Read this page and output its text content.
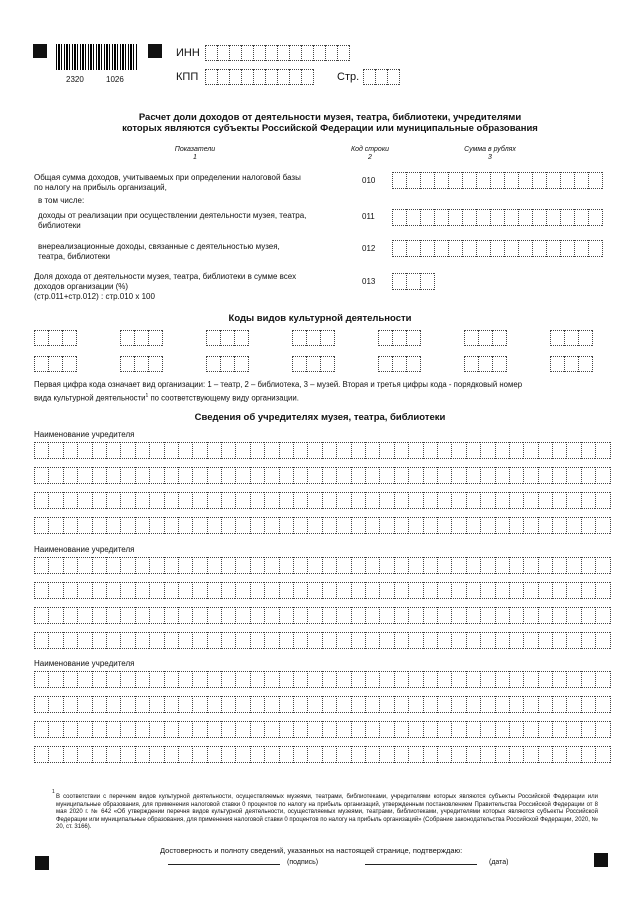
2320	1026
ИНН
КПП	Стр.
Расчет доли доходов от деятельности музея, театра, библиотеки, учредителями
которых являются субъекты Российской Федерации или муниципальные образования
Показатели
1
Код строки
2
Сумма в рублях
3
Общая сумма доходов, учитываемых при определении налоговой базы
по налогу на прибыль организаций,
010
в том числе:
доходы от реализации при осуществлении деятельности музея, театра,
библиотеки
011
внереализационные доходы, связанные с деятельностью музея,
театра, библиотеки
012
Доля дохода от деятельности музея, театра, библиотеки в сумме всех
доходов организации (%)
(стр.011+стр.012) : стр.010 х 100
013
Коды видов культурной деятельности
Первая цифра кода означает вид организации: 1 – театр, 2 – библиотека, 3 – музей. Вторая и третья цифры кода - порядковый номер
вида культурной деятельности$^1$ по соответствующему виду организации.
Сведения об учредителях музея, театра, библиотеки
Наименование учредителя
Наименование учредителя
Наименование учредителя
1
В соответствии с перечнем видов культурной деятельности, осуществляемых музеями, театрами, библиотеками, учредителями которых являются субъекты Российской Федерации или муниципальные образования, для применения налоговой ставки 0 процентов по налогу на прибыль организаций, утвержденным постановлением Правительства Российской Федерации от 8 мая 2020 г. № 642 «Об утверждении перечня видов культурной деятельности, осуществляемых музеями, театрами, библиотеками, учредителями которых являются субъекты Российской Федерации или муниципальные образования, для применения налоговой ставки 0 процентов по налогу на прибыль организаций» (Собрание законодательства Российской Федерации, 2020, № 20, ст. 3166).
Достоверность и полноту сведений, указанных на настоящей странице, подтверждаю:
(подпись)	(дата)
